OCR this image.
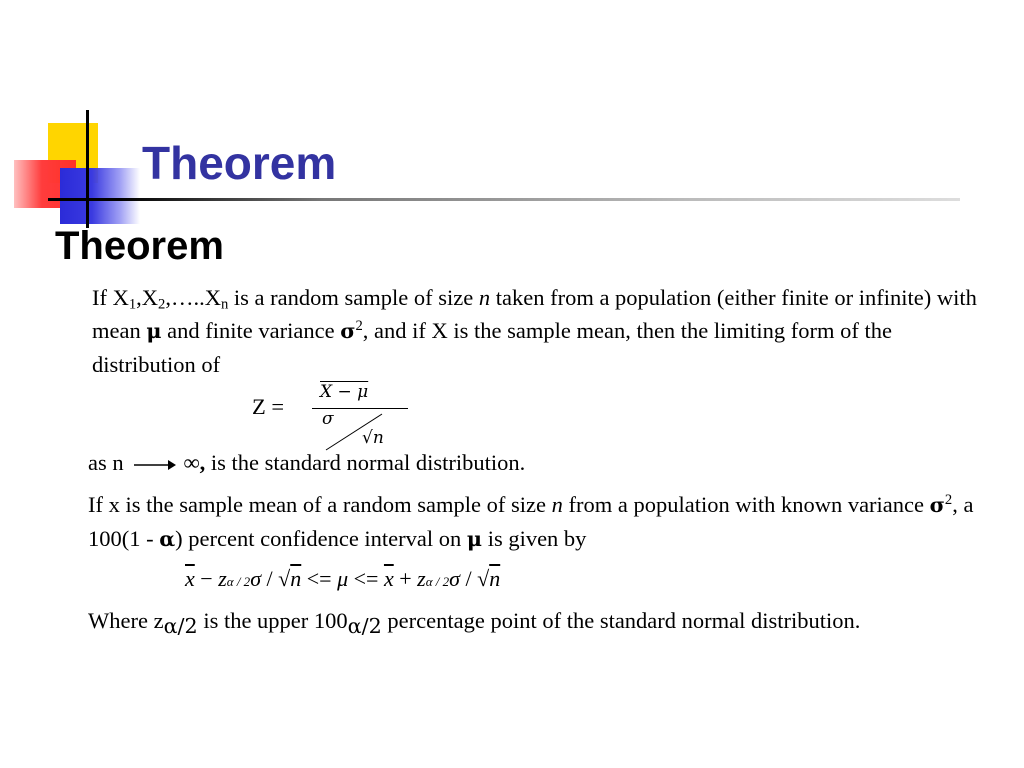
Theorem
Theorem

If $X_1,X_2,\dots..X_n$ is a random sample of size n taken from a population (either finite or infinite) with mean μ and finite variance $\sigma^2$, and if X is the sample mean, then the limiting form of the distribution of

Z =
X − μ
σ
√n

as n	∞, is the standard normal distribution.

If x is the sample mean of a random sample of size n from a population with known variance $\sigma^2$, a 100(1 - α) percent confidence interval on μ is given by

$\overline{x} - z\alpha / 2\sigma / √n <= \mu <= \overline{x} + z\alpha / 2\sigma / √n$

Where $z_{\alpha/2}$ is the upper $100_{\alpha/2}$ percentage point of the standard normal distribution.
